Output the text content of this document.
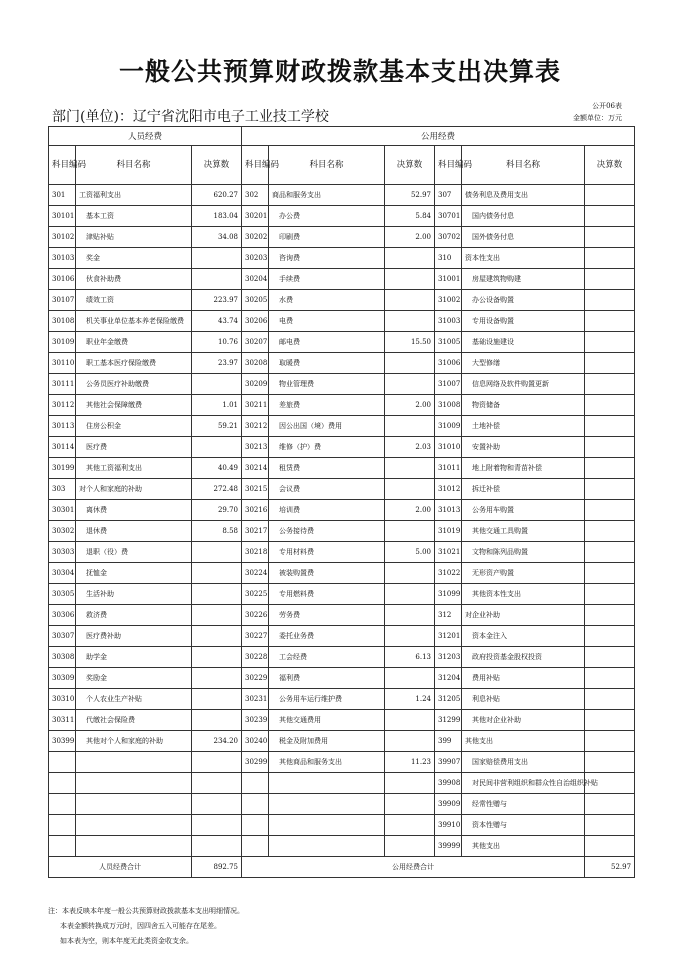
一般公共预算财政拨款基本支出决算表
部门(单位)：辽宁省沈阳市电子工业技工学校
公开06表
金额单位：万元
人员经费			公用经费					
科目编码	科目名称	决算数	科目编码	科目名称	决算数	科目编码	科目名称	决算数
301	工资福利支出	620.27	302	商品和服务支出	52.97	307	债务利息及费用支出	
30101	基本工资	183.04	30201	办公费	5.84	30701	国内债务付息	
30102	津贴补贴	34.08	30202	印刷费	2.00	30702	国外债务付息	
30103	奖金		30203	咨询费		310	资本性支出	
30106	伙食补助费		30204	手续费		31001	房屋建筑物购建	
30107	绩效工资	223.97	30205	水费		31002	办公设备购置	
30108	机关事业单位基本养老保险缴费	43.74	30206	电费		31003	专用设备购置	
30109	职业年金缴费	10.76	30207	邮电费	15.50	31005	基础设施建设	
30110	职工基本医疗保险缴费	23.97	30208	取暖费		31006	大型修缮	
30111	公务员医疗补助缴费		30209	物业管理费		31007	信息网络及软件购置更新	
30112	其他社会保障缴费	1.01	30211	差旅费	2.00	31008	物资储备	
30113	住房公积金	59.21	30212	因公出国（境）费用		31009	土地补偿	
30114	医疗费		30213	维修（护）费	2.03	31010	安置补助	
30199	其他工资福利支出	40.49	30214	租赁费		31011	地上附着物和青苗补偿	
303	对个人和家庭的补助	272.48	30215	会议费		31012	拆迁补偿	
30301	离休费	29.70	30216	培训费	2.00	31013	公务用车购置	
30302	退休费	8.58	30217	公务接待费		31019	其他交通工具购置	
30303	退职（役）费		30218	专用材料费	5.00	31021	文物和陈列品购置	
30304	抚恤金		30224	被装购置费		31022	无形资产购置	
30305	生活补助		30225	专用燃料费		31099	其他资本性支出	
30306	救济费		30226	劳务费		312	对企业补助	
30307	医疗费补助		30227	委托业务费		31201	资本金注入	
30308	助学金		30228	工会经费	6.13	31203	政府投资基金股权投资	
30309	奖励金		30229	福利费		31204	费用补贴	
30310	个人农业生产补贴		30231	公务用车运行维护费	1.24	31205	利息补贴	
30311	代缴社会保险费		30239	其他交通费用		31299	其他对企业补助	
30399	其他对个人和家庭的补助	234.20	30240	税金及附加费用		399	其他支出	
			30299	其他商品和服务支出	11.23	39907	国家赔偿费用支出	
						39908	对民间非营利组织和群众性自治组织补贴	
						39909	经常性赠与	
						39910	资本性赠与	
						39999	其他支出	
人员经费合计		892.75	公用经费合计					52.97
注：本表反映本年度一般公共预算财政拨款基本支出明细情况。
本表金额转换成万元时，因四舍五入可能存在尾差。
如本表为空，则本年度无此类资金收支余。
